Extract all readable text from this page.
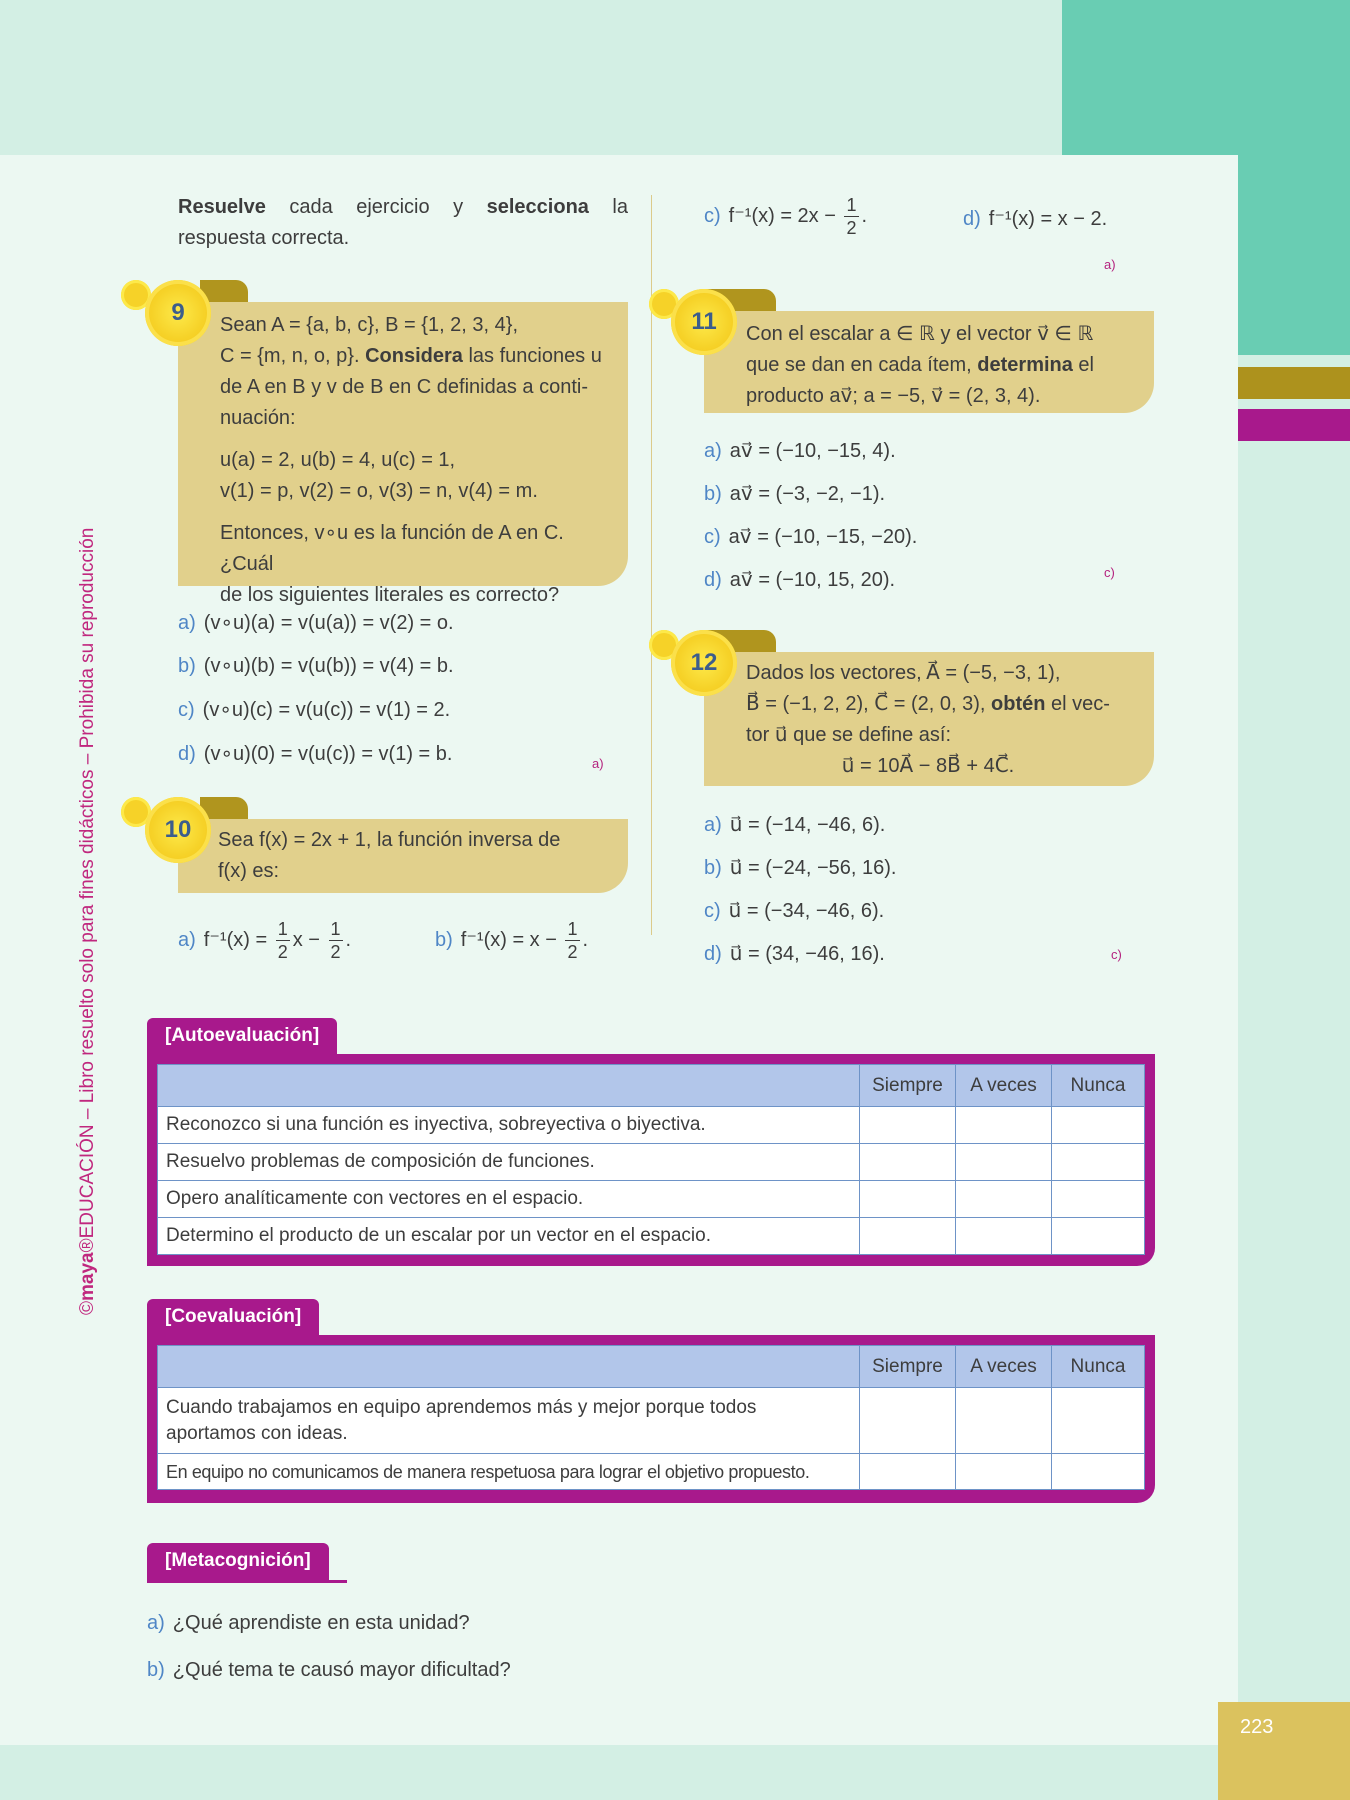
223
©maya®EDUCACIÓN – Libro resuelto solo para fines didácticos – Prohibida su reproducción
Resuelve cada ejercicio y selecciona la respuesta correcta.
Sean A = {a, b, c}, B = {1, 2, 3, 4},
C = {m, n, o, p}. Considera las funciones u
de A en B y v de B en C definidas a conti-
nuación:
u(a) = 2, u(b) = 4, u(c) = 1,
v(1) = p, v(2) = o, v(3) = n, v(4) = m.
Entonces, v∘u es la función de A en C. ¿Cuál
de los siguientes literales es correcto?
9
a) (v∘u)(a) = v(u(a)) = v(2) = o.
b) (v∘u)(b) = v(u(b)) = v(4) = b.
c) (v∘u)(c) = v(u(c)) = v(1) = 2.
d) (v∘u)(0) = v(u(c)) = v(1) = b.	a)
Sea f(x) = 2x + 1, la función inversa de
f(x) es:
10
a) $f^{-1}(x) = \frac{1}{2}$ $x - \frac{1}{2}$ .	b) $f^{-1}(x) = x - \frac{1}{2}$ .
c) $f^{-1}(x) = 2x - \frac{1}{2}$ .	d) f⁻¹(x) = x − 2.
a)
Con el escalar a ∈ ℝ y el vector v⃗ ∈ ℝ
que se dan en cada ítem, determina el
producto av⃗; a = −5, v⃗ = (2, 3, 4).
11
a) av⃗ = (−10, −15, 4).
b) av⃗ = (−3, −2, −1).
c) av⃗ = (−10, −15, −20).
d) av⃗ = (−10, 15, 20).	c)
Dados los vectores, A⃗ = (−5, −3, 1),
B⃗ = (−1, 2, 2), C⃗ = (2, 0, 3), obtén el vec-
tor u⃗ que se define así:
u⃗ = 10A⃗ − 8B⃗ + 4C⃗.
12
a) u⃗ = (−14, −46, 6).
b) u⃗ = (−24, −56, 16).
c) u⃗ = (−34, −46, 6).
d) u⃗ = (34, −46, 16).	c)
[Autoevaluación]
	Siempre	A veces	Nunca
Reconozco si una función es inyectiva, sobreyectiva o biyectiva.			
Resuelvo problemas de composición de funciones.			
Opero analíticamente con vectores en el espacio.			
Determino el producto de un escalar por un vector en el espacio.			
[Coevaluación]
	Siempre	A veces	Nunca
Cuando trabajamos en equipo aprendemos más y mejor porque todos aportamos con ideas.			
En equipo no comunicamos de manera respetuosa para lograr el objetivo propuesto.			
[Metacognición]
a) ¿Qué aprendiste en esta unidad?
b) ¿Qué tema te causó mayor dificultad?
